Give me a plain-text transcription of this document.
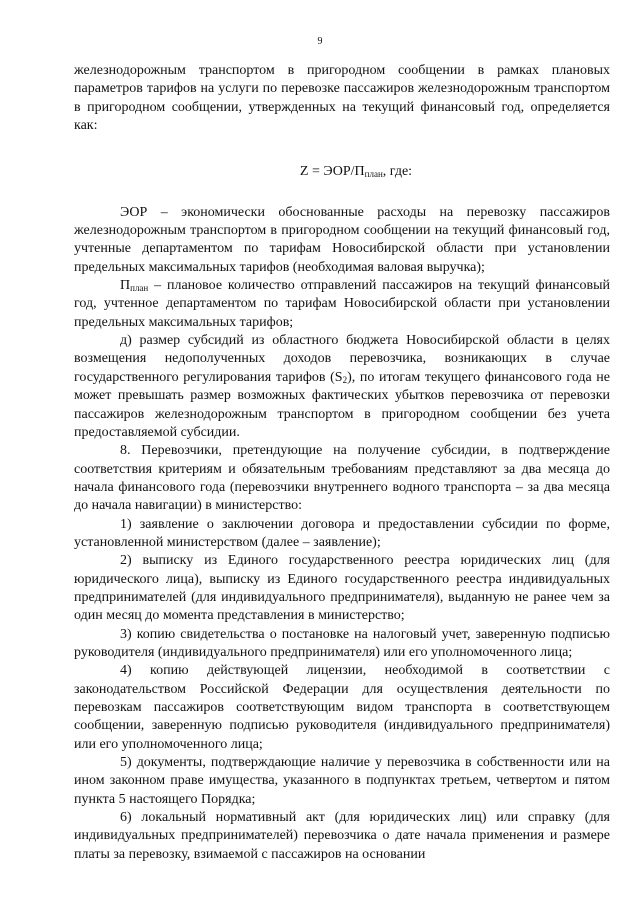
9

железнодорожным транспортом в пригородном сообщении в рамках плановых параметров тарифов на услуги по перевозке пассажиров железнодорожным транспортом в пригородном сообщении, утвержденных на текущий финансовый год, определяется как:

Z = ЭОР/$П_{план}$, где:

ЭОР – экономически обоснованные расходы на перевозку пассажиров железнодорожным транспортом в пригородном сообщении на текущий финансовый год, учтенные департаментом по тарифам Новосибирской области при установлении предельных максимальных тарифов (необходимая валовая выручка);

$П_{план}$ – плановое количество отправлений пассажиров на текущий финансовый год, учтенное департаментом по тарифам Новосибирской области при установлении предельных максимальных тарифов;

д) размер субсидий из областного бюджета Новосибирской области в целях возмещения недополученных доходов перевозчика, возникающих в случае государственного регулирования тарифов $(S_2)$, по итогам текущего финансового года не может превышать размер возможных фактических убытков перевозчика от перевозки пассажиров железнодорожным транспортом в пригородном сообщении без учета предоставляемой субсидии.

8. Перевозчики, претендующие на получение субсидии, в подтверждение соответствия критериям и обязательным требованиям представляют за два месяца до начала финансового года (перевозчики внутреннего водного транспорта – за два месяца до начала навигации) в министерство:

1) заявление о заключении договора и предоставлении субсидии по форме, установленной министерством (далее – заявление);

2) выписку из Единого государственного реестра юридических лиц (для юридического лица), выписку из Единого государственного реестра индивидуальных предпринимателей (для индивидуального предпринимателя), выданную не ранее чем за один месяц до момента представления в министерство;

3) копию свидетельства о постановке на налоговый учет, заверенную подписью руководителя (индивидуального предпринимателя) или его уполномоченного лица;

4) копию действующей лицензии, необходимой в соответствии с законодательством Российской Федерации для осуществления деятельности по перевозкам пассажиров соответствующим видом транспорта в соответствующем сообщении, заверенную подписью руководителя (индивидуального предпринимателя) или его уполномоченного лица;

5) документы, подтверждающие наличие у перевозчика в собственности или на ином законном праве имущества, указанного в подпунктах третьем, четвертом и пятом пункта 5 настоящего Порядка;

6) локальный нормативный акт (для юридических лиц) или справку (для индивидуальных предпринимателей) перевозчика о дате начала применения и размере платы за перевозку, взимаемой с пассажиров на основании
